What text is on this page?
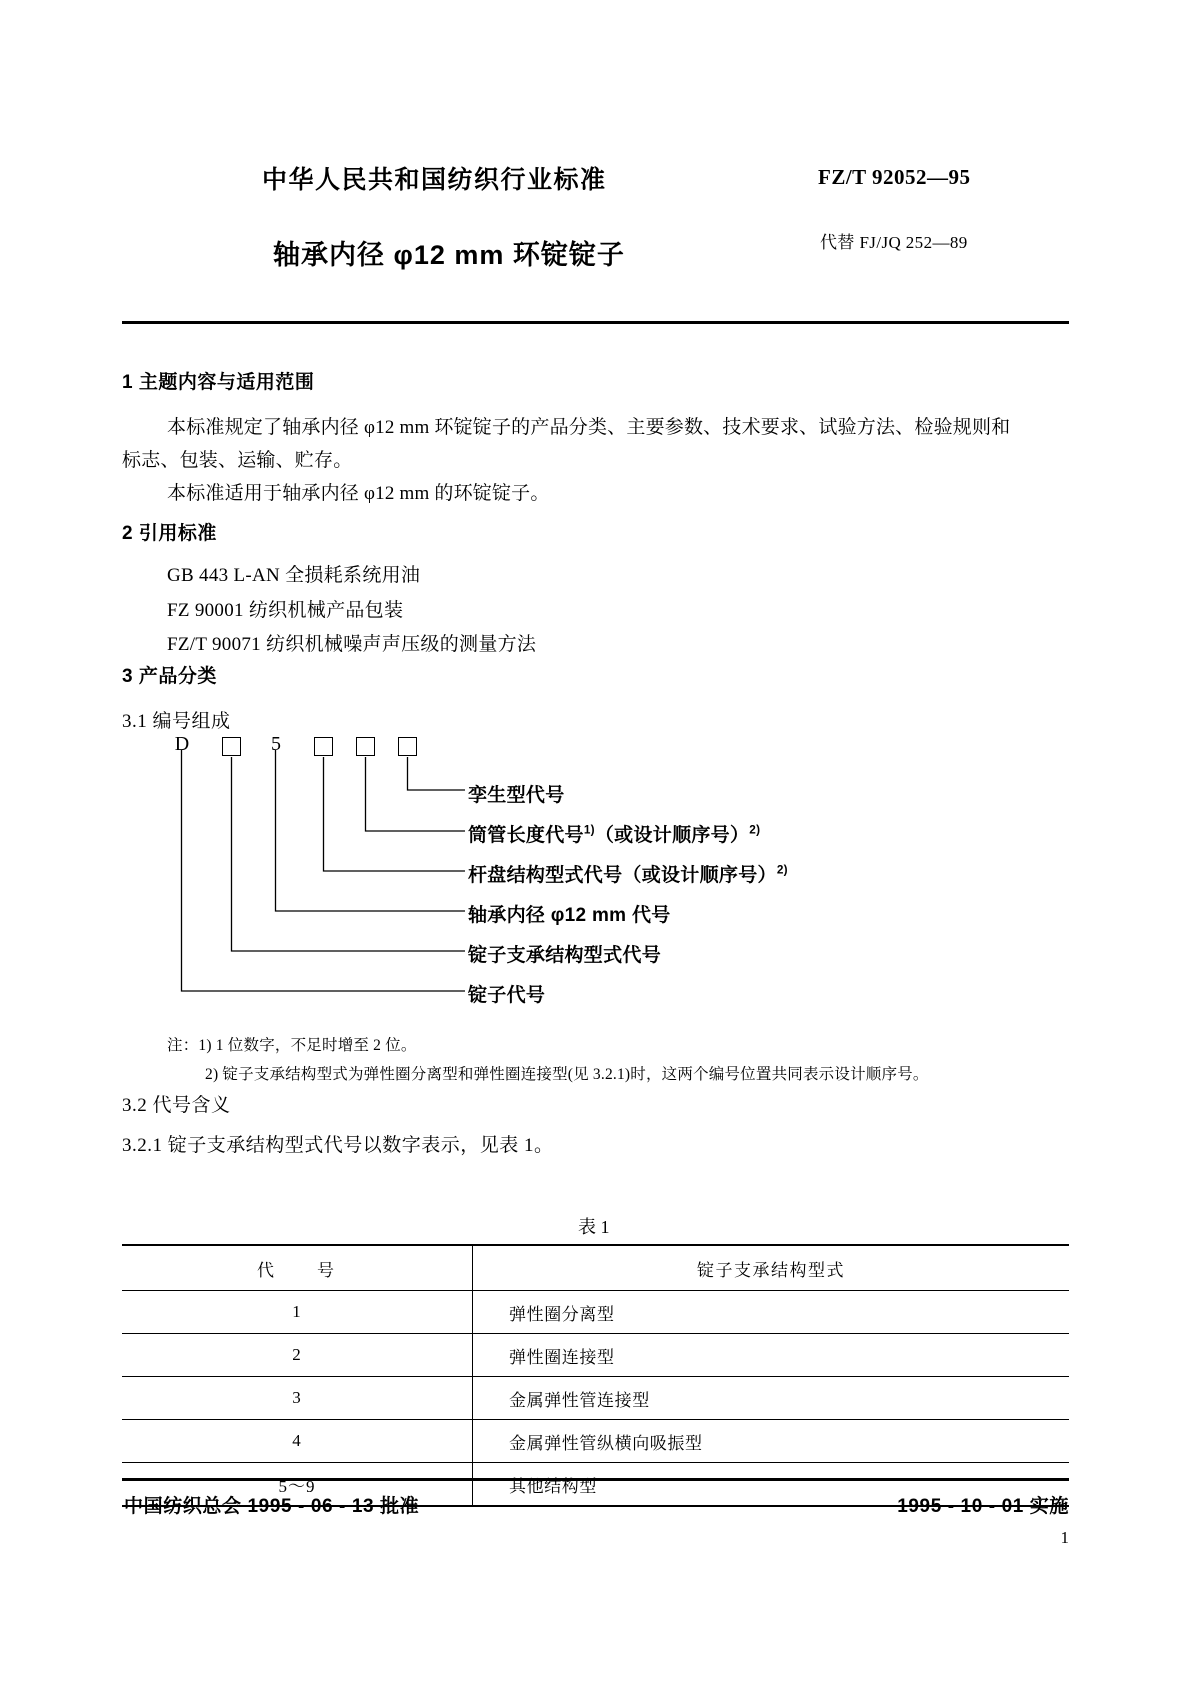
中华人民共和国纺织行业标准	FZ/T 92052—95
轴承内径 φ12 mm 环锭锭子	代替 FJ/JQ 252—89
1 主题内容与适用范围
本标准规定了轴承内径 φ12 mm 环锭锭子的产品分类、主要参数、技术要求、试验方法、检验规则和
标志、包装、运输、贮存。
本标准适用于轴承内径 φ12 mm 的环锭锭子。
2 引用标准
GB 443 L-AN 全损耗系统用油
FZ 90001 纺织机械产品包装
FZ/T 90071 纺织机械噪声声压级的测量方法
3 产品分类
3.1 编号组成
D	5
孪生型代号
筒管长度代号$^{1)}$（或设计顺序号）$^{2)}$
杆盘结构型式代号（或设计顺序号）$^{2)}$
轴承内径 φ12 mm 代号
锭子支承结构型式代号
锭子代号
注：1) 1 位数字，不足时增至 2 位。
2) 锭子支承结构型式为弹性圈分离型和弹性圈连接型(见 3.2.1)时，这两个编号位置共同表示设计顺序号。
3.2 代号含义
3.2.1 锭子支承结构型式代号以数字表示，见表 1。
表 1
代　　号	锭子支承结构型式
1	弹性圈分离型
2	弹性圈连接型
3	金属弹性管连接型
4	金属弹性管纵横向吸振型
5～9	其他结构型
中国纺织总会 1995 - 06 - 13 批准	1995 - 10 - 01 实施
1
